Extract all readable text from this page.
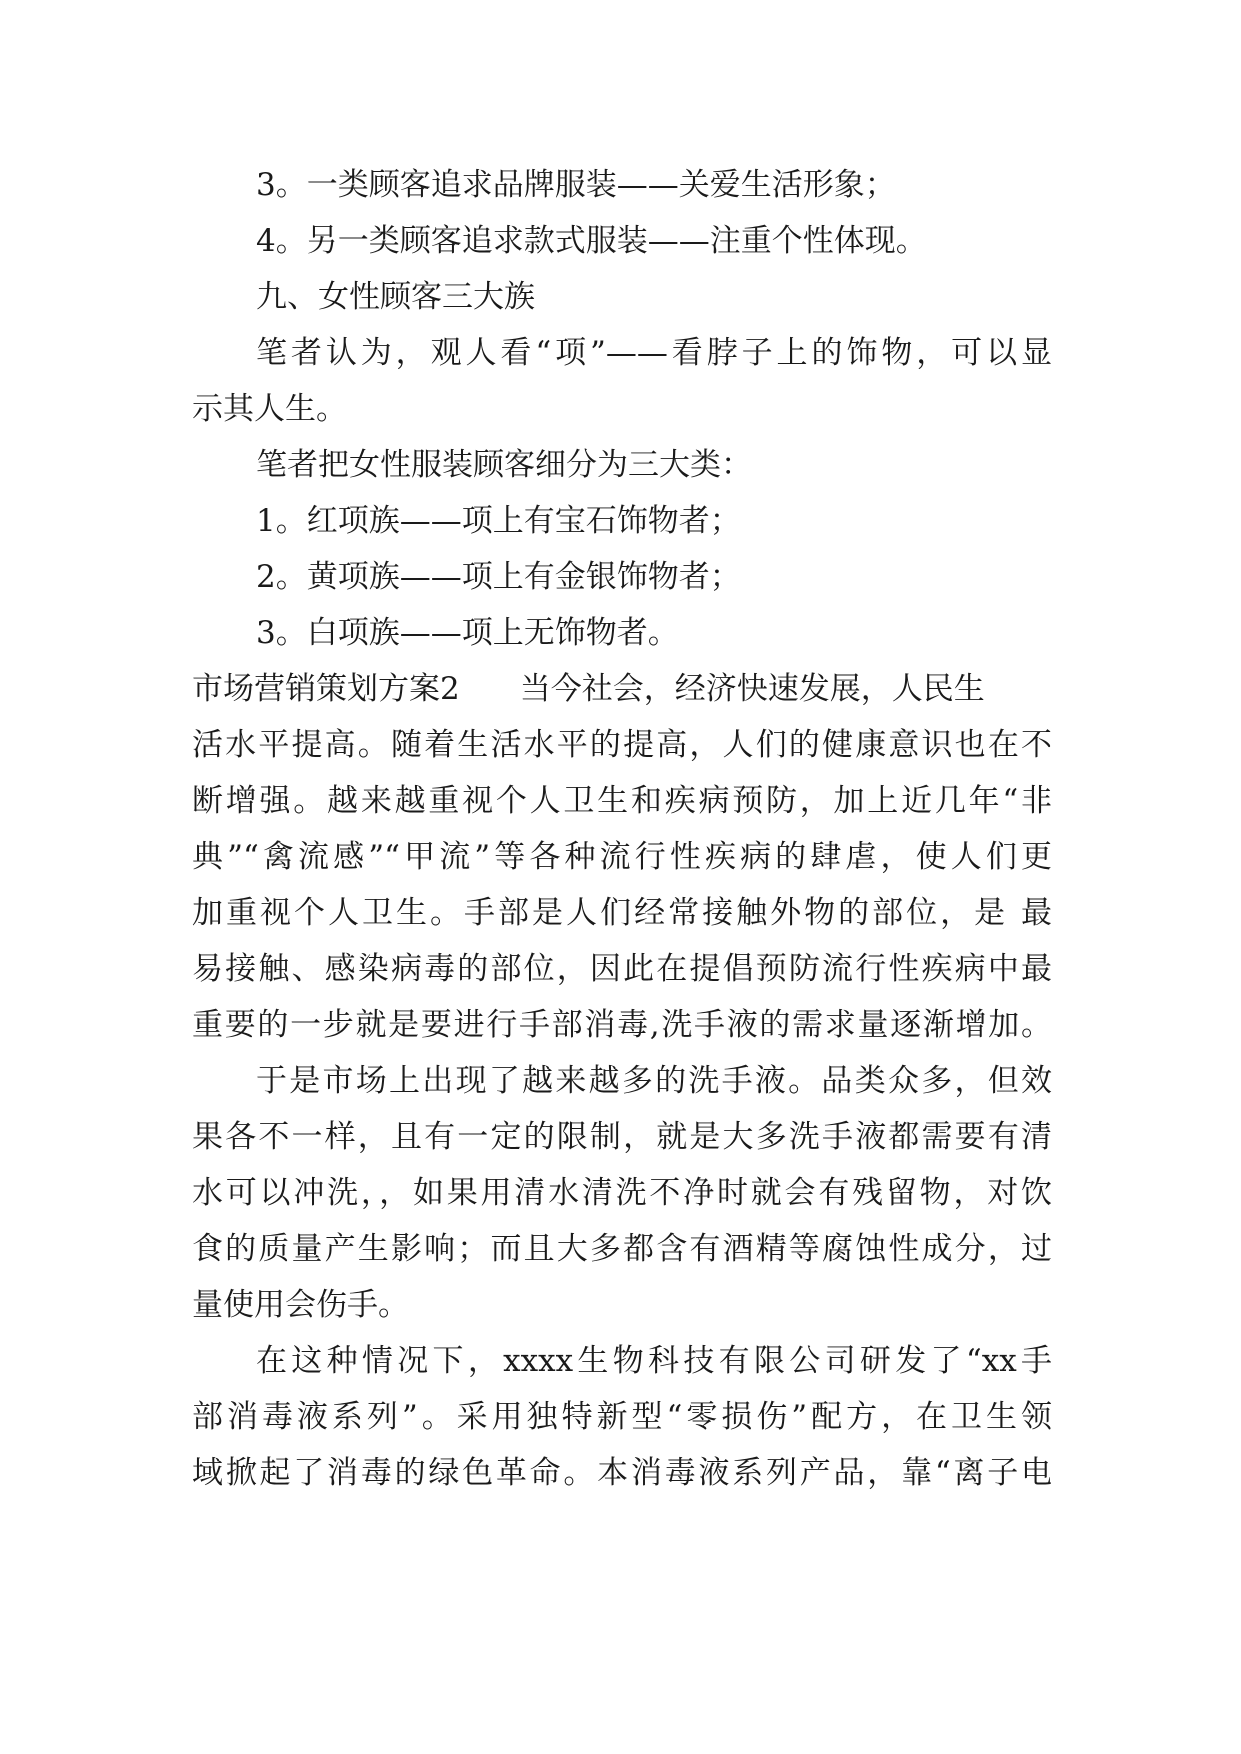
3。一类顾客追求品牌服装——关爱生活形象；
4。另一类顾客追求款式服装——注重个性体现。
九、女性顾客三大族
笔者认为，观人看“项”——看脖子上的饰物，可以显
示其人生。
笔者把女性服装顾客细分为三大类：
1。红项族——项上有宝石饰物者；
2。黄项族——项上有金银饰物者；
3。白项族——项上无饰物者。
市场营销策划方案2 当今社会，经济快速发展，人民生
活水平提高。随着生活水平的提高，人们的健康意识也在不
断增强。越来越重视个人卫生和疾病预防，加上近几年“非
典”“禽流感”“甲流”等各种流行性疾病的肆虐，使人们更
加重视个人卫生。手部是人们经常接触外物的部位，是 最
易接触、感染病毒的部位，因此在提倡预防流行性疾病中最
重要的一步就是要进行手部消毒,洗手液的需求量逐渐增加。
于是市场上出现了越来越多的洗手液。品类众多，但效
果各不一样，且有一定的限制，就是大多洗手液都需要有清
水可以冲洗，，如果用清水清洗不净时就会有残留物，对饮
食的质量产生影响；而且大多都含有酒精等腐蚀性成分，过
量使用会伤手。
在这种情况下，xxxx生物科技有限公司研发了“xx手
部消毒液系列”。采用独特新型“零损伤”配方，在卫生领
域掀起了消毒的绿色革命。本消毒液系列产品，靠“离子电
